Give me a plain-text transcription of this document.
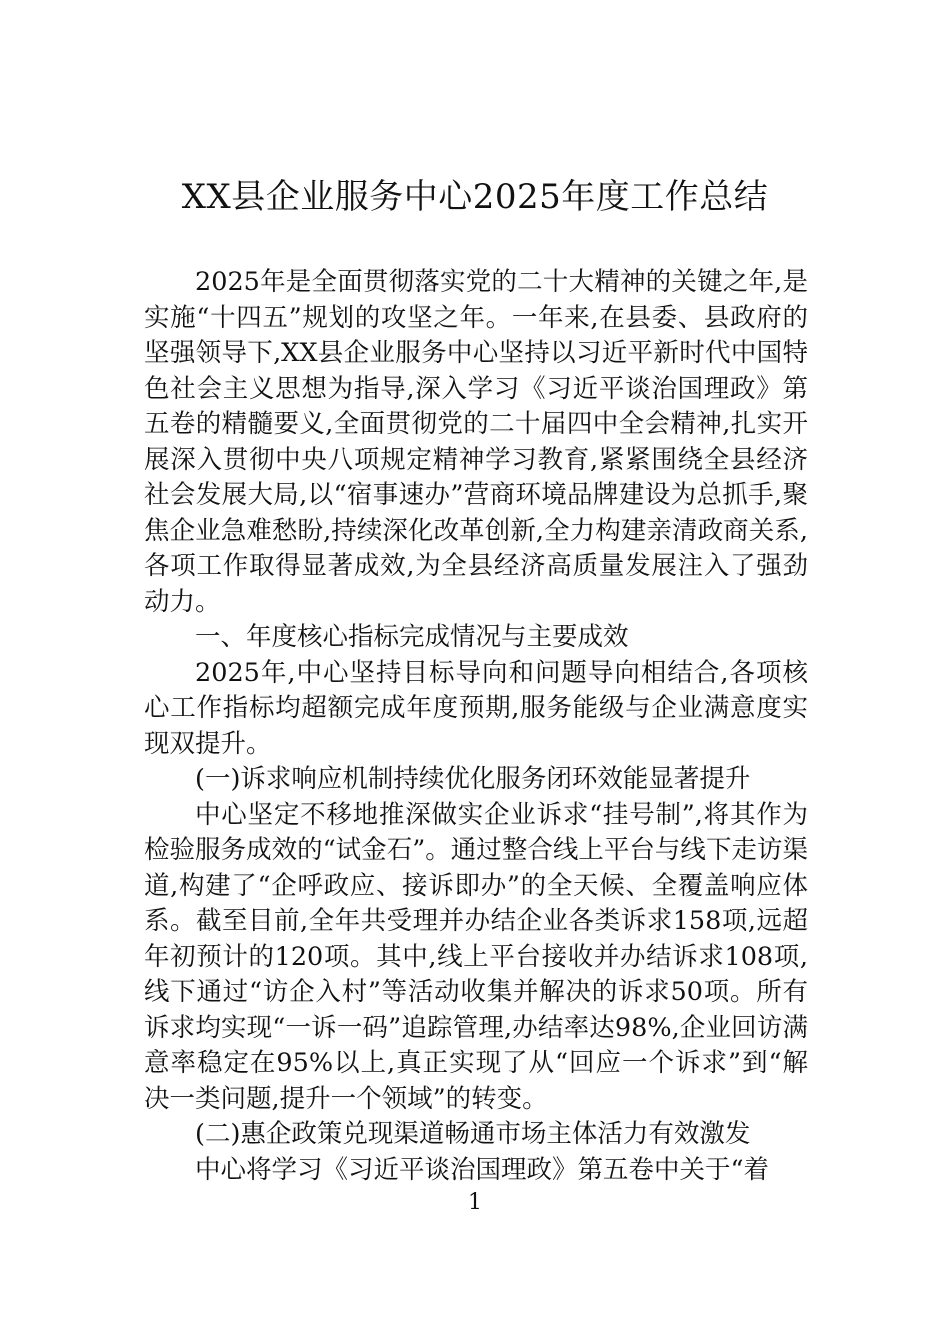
XX县企业服务中心2025年度工作总结

2025年是全面贯彻落实党的二十大精神的关键之年,是实施“十四五”规划的攻坚之年。一年来,在县委、县政府的坚强领导下,XX县企业服务中心坚持以习近平新时代中国特色社会主义思想为指导,深入学习《习近平谈治国理政》第五卷的精髓要义,全面贯彻党的二十届四中全会精神,扎实开展深入贯彻中央八项规定精神学习教育,紧紧围绕全县经济社会发展大局,以“宿事速办”营商环境品牌建设为总抓手,聚焦企业急难愁盼,持续深化改革创新,全力构建亲清政商关系,各项工作取得显著成效,为全县经济高质量发展注入了强劲动力。

一、年度核心指标完成情况与主要成效

2025年,中心坚持目标导向和问题导向相结合,各项核心工作指标均超额完成年度预期,服务能级与企业满意度实现双提升。

(一)诉求响应机制持续优化服务闭环效能显著提升

中心坚定不移地推深做实企业诉求“挂号制”,将其作为检验服务成效的“试金石”。通过整合线上平台与线下走访渠道,构建了“企呼政应、接诉即办”的全天候、全覆盖响应体系。截至目前,全年共受理并办结企业各类诉求158项,远超年初预计的120项。其中,线上平台接收并办结诉求108项,线下通过“访企入村”等活动收集并解决的诉求50项。所有诉求均实现“一诉一码”追踪管理,办结率达98%,企业回访满意率稳定在95%以上,真正实现了从“回应一个诉求”到“解决一类问题,提升一个领域”的转变。

(二)惠企政策兑现渠道畅通市场主体活力有效激发

中心将学习《习近平谈治国理政》第五卷中关于“着

1
